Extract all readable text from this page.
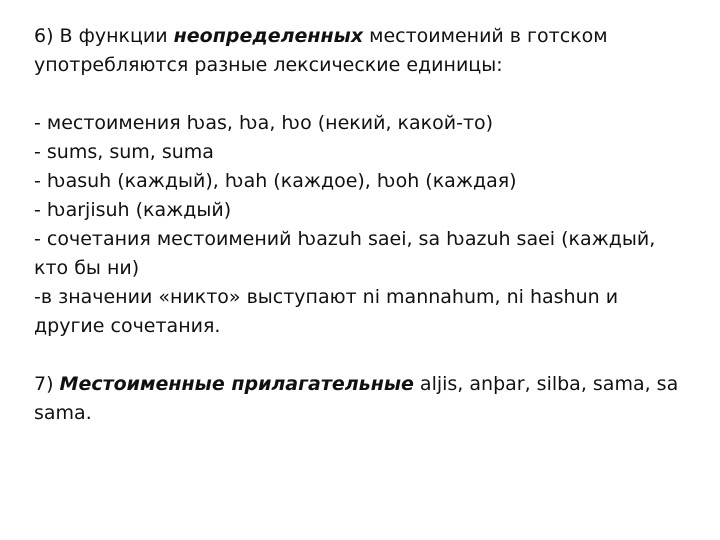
6) В функции неопределенных местоимений в готском
употребляются разные лексические единицы:
- местоимения ƕas, ƕa, ƕo (некий, какой-то)
- sums, sum, suma
- ƕasuh (каждый), ƕah (каждое), ƕoh (каждая)
- ƕarjisuh (каждый)
- сочетания местоимений ƕazuh saei, sa ƕazuh saei (каждый,
кто бы ни)
-в значении «никто» выступают ni mannahum, ni hashun и
другие сочетания.
7) Местоименные прилагательные aljis, anþar, silba, sama, sa
sama.
